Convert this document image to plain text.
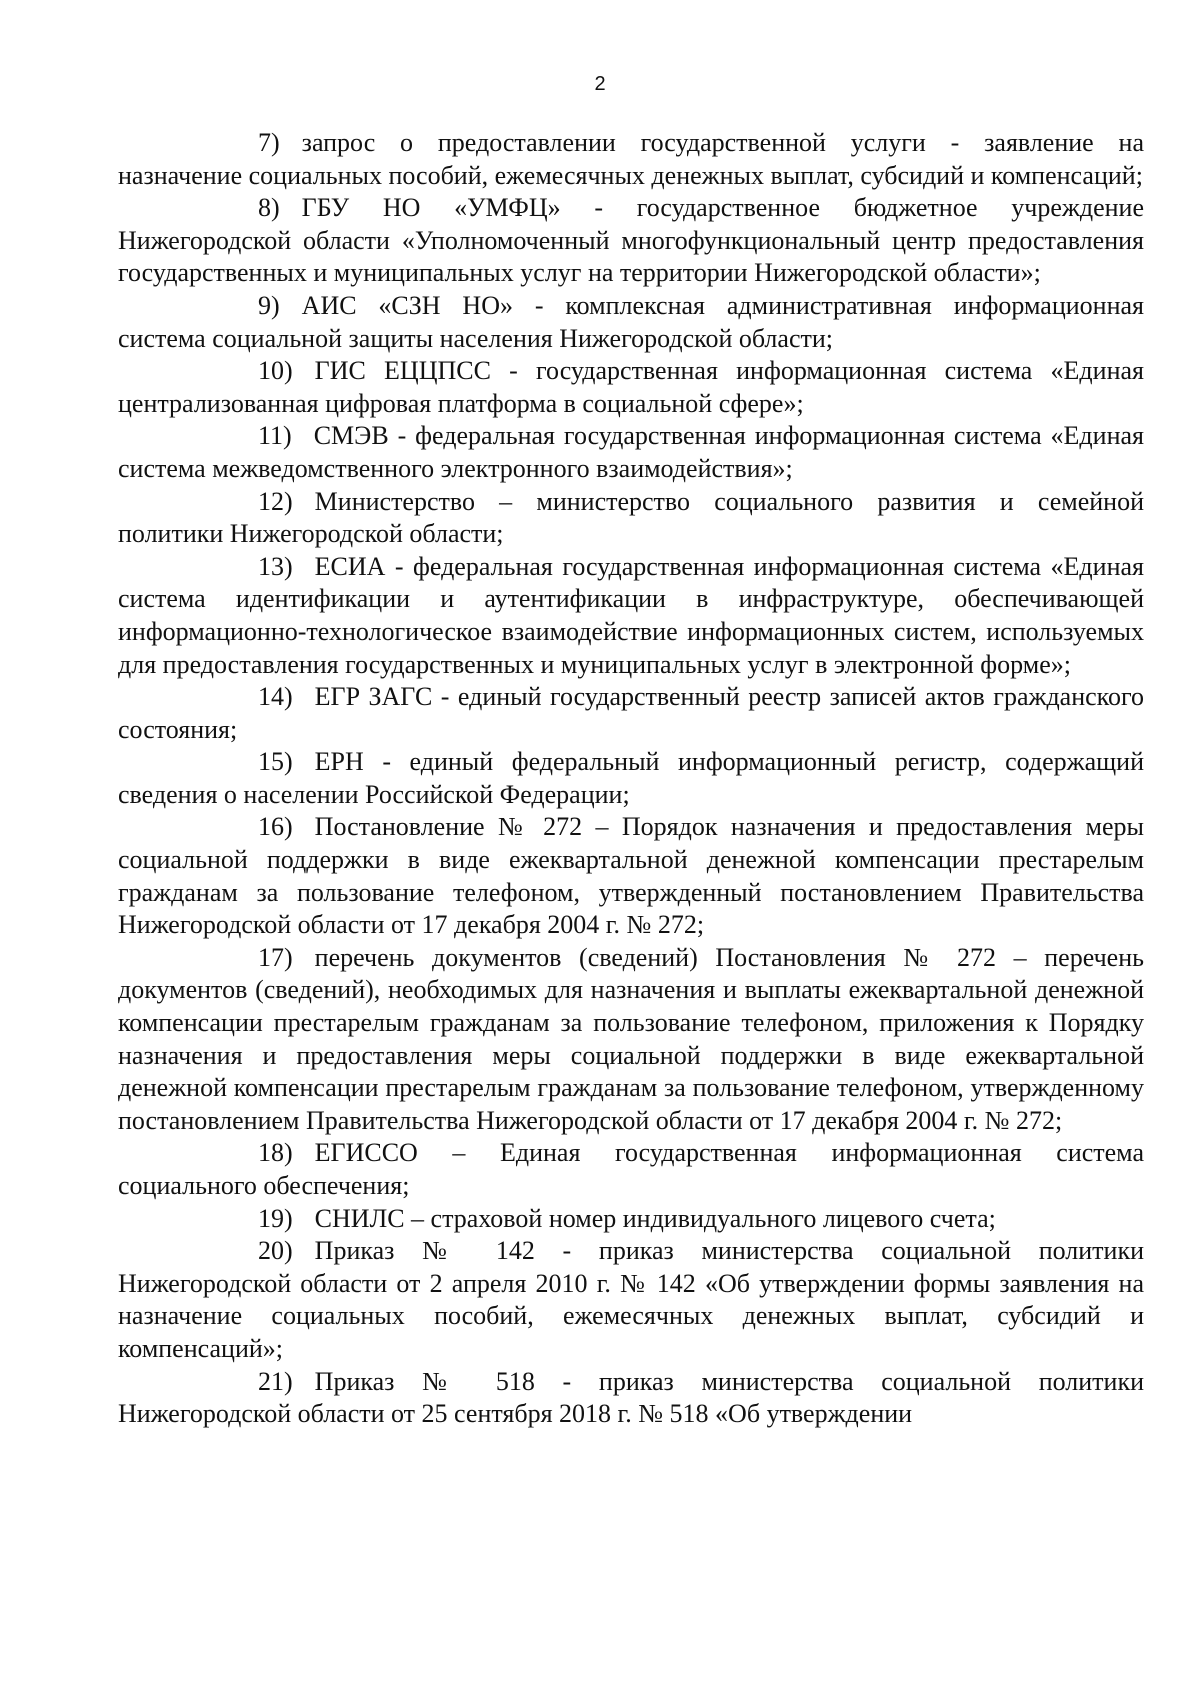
2

7) запрос о предоставлении государственной услуги - заявление на назначение социальных пособий, ежемесячных денежных выплат, субсидий и компенсаций;

8) ГБУ НО «УМФЦ» - государственное бюджетное учреждение Нижегородской области «Уполномоченный многофункциональный центр предоставления государственных и муниципальных услуг на территории Нижегородской области»;

9) АИС «СЗН НО» - комплексная административная информационная система социальной защиты населения Нижегородской области;

10) ГИС ЕЦЦПСС - государственная информационная система «Единая централизованная цифровая платформа в социальной сфере»;

11) СМЭВ - федеральная государственная информационная система «Единая система межведомственного электронного взаимодействия»;

12) Министерство – министерство социального развития и семейной политики Нижегородской области;

13) ЕСИА - федеральная государственная информационная система «Единая система идентификации и аутентификации в инфраструктуре, обеспечивающей информационно-технологическое взаимодействие информационных систем, используемых для предоставления государственных и муниципальных услуг в электронной форме»;

14) ЕГР ЗАГС - единый государственный реестр записей актов гражданского состояния;

15) ЕРН - единый федеральный информационный регистр, содержащий сведения о населении Российской Федерации;

16) Постановление № 272 – Порядок назначения и предоставления меры социальной поддержки в виде ежеквартальной денежной компенсации престарелым гражданам за пользование телефоном, утвержденный постановлением Правительства Нижегородской области от 17 декабря 2004 г. № 272;

17) перечень документов (сведений) Постановления № 272 – перечень документов (сведений), необходимых для назначения и выплаты ежеквартальной денежной компенсации престарелым гражданам за пользование телефоном, приложения к Порядку назначения и предоставления меры социальной поддержки в виде ежеквартальной денежной компенсации престарелым гражданам за пользование телефоном, утвержденному постановлением Правительства Нижегородской области от 17 декабря 2004 г. № 272;

18) ЕГИССО – Единая государственная информационная система социального обеспечения;

19) СНИЛС – страховой номер индивидуального лицевого счета;

20) Приказ № 142 - приказ министерства социальной политики Нижегородской области от 2 апреля 2010 г. № 142 «Об утверждении формы заявления на назначение социальных пособий, ежемесячных денежных выплат, субсидий и компенсаций»;

21) Приказ № 518 - приказ министерства социальной политики Нижегородской области от 25 сентября 2018 г. № 518 «Об утверждении
